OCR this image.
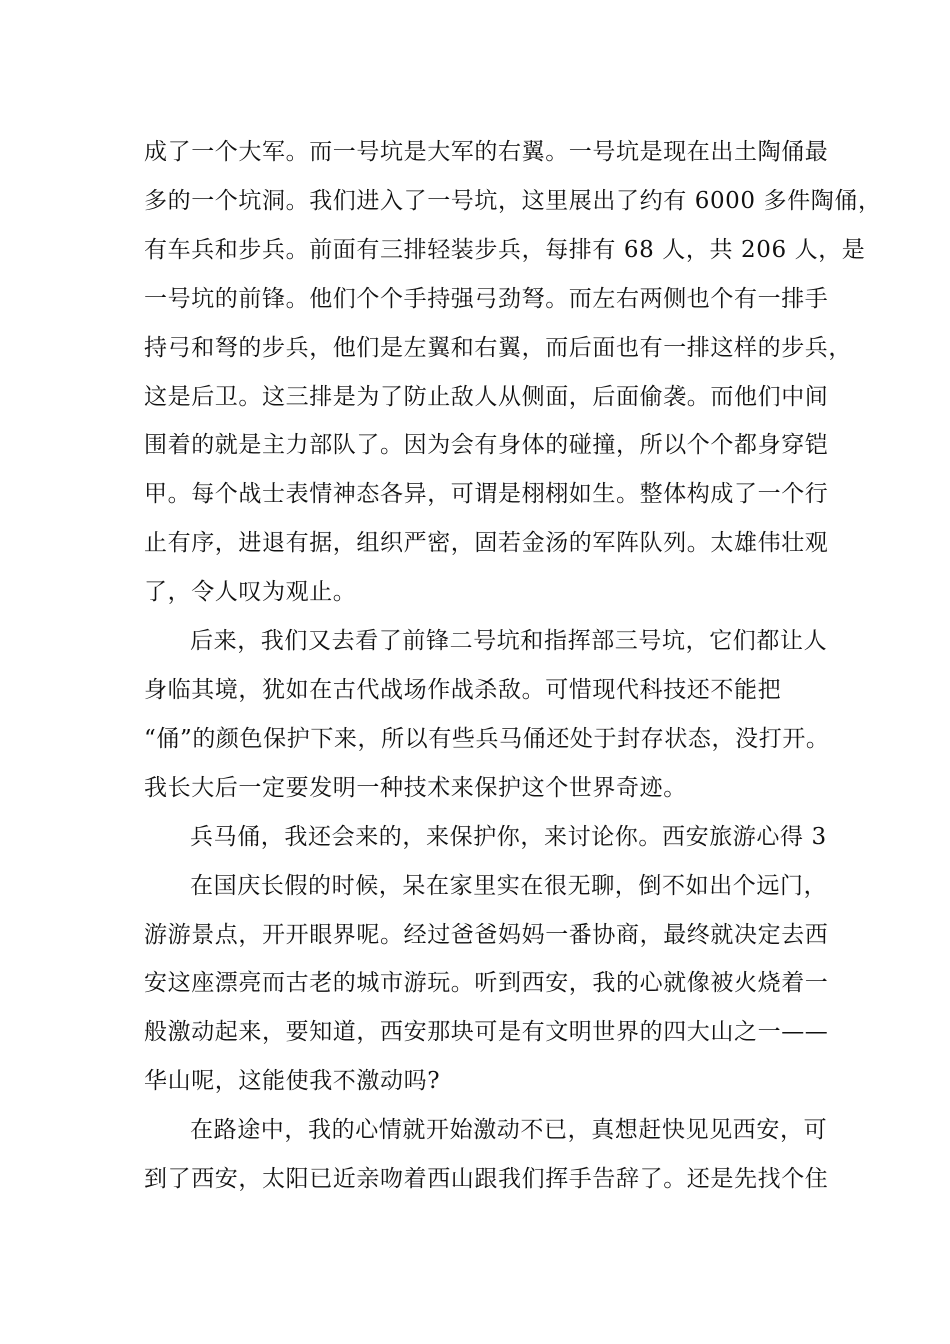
成了一个大军。而一号坑是大军的右翼。一号坑是现在出土陶俑最
多的一个坑洞。我们进入了一号坑，这里展出了约有 6000 多件陶俑，
有车兵和步兵。前面有三排轻装步兵，每排有 68 人，共 206 人，是
一号坑的前锋。他们个个手持强弓劲弩。而左右两侧也个有一排手
持弓和弩的步兵，他们是左翼和右翼，而后面也有一排这样的步兵，
这是后卫。这三排是为了防止敌人从侧面，后面偷袭。而他们中间
围着的就是主力部队了。因为会有身体的碰撞，所以个个都身穿铠
甲。每个战士表情神态各异，可谓是栩栩如生。整体构成了一个行
止有序，进退有据，组织严密，固若金汤的军阵队列。太雄伟壮观
了，令人叹为观止。

后来，我们又去看了前锋二号坑和指挥部三号坑，它们都让人
身临其境，犹如在古代战场作战杀敌。可惜现代科技还不能把
“俑”的颜色保护下来，所以有些兵马俑还处于封存状态，没打开。
我长大后一定要发明一种技术来保护这个世界奇迹。

兵马俑，我还会来的，来保护你，来讨论你。西安旅游心得 3

在国庆长假的时候，呆在家里实在很无聊，倒不如出个远门，
游游景点，开开眼界呢。经过爸爸妈妈一番协商，最终就决定去西
安这座漂亮而古老的城市游玩。听到西安，我的心就像被火烧着一
般激动起来，要知道，西安那块可是有文明世界的四大山之一——
华山呢，这能使我不激动吗?

在路途中，我的心情就开始激动不已，真想赶快见见西安，可
到了西安，太阳已近亲吻着西山跟我们挥手告辞了。还是先找个住
